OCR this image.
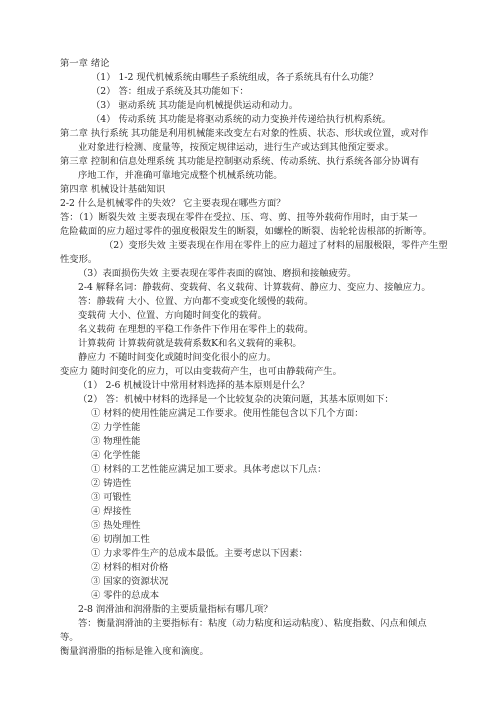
第一章 绪论
（1） 1-2 现代机械系统由哪些子系统组成，各子系统具有什么功能？
（2） 答：组成子系统及其功能如下：
（3） 驱动系统 其功能是向机械提供运动和动力。
（4） 传动系统 其功能是将驱动系统的动力变换并传递给执行机构系统。
第二章 执行系统 其功能是利用机械能来改变左右对象的性质、状态、形状或位置，或对作
业对象进行检测、度量等，按预定规律运动，进行生产或达到其他预定要求。
第三章 控制和信息处理系统 其功能是控制驱动系统、传动系统、执行系统各部分协调有
序地工作，并准确可靠地完成整个机械系统功能。
第四章 机械设计基础知识
2-2 什么是机械零件的失效？ 它主要表现在哪些方面？
答：（1）断裂失效 主要表现在零件在受拉、压、弯、剪、扭等外载荷作用时，由于某一
危险截面的应力超过零件的强度极限发生的断裂，如螺栓的断裂、齿轮轮齿根部的折断等。
（2）变形失效 主要表现在作用在零件上的应力超过了材料的屈服极限，零件产生塑
性变形。
（3）表面损伤失效 主要表现在零件表面的腐蚀、磨损和接触疲劳。
2-4 解释名词：静载荷、变载荷、名义载荷、计算载荷、静应力、变应力、接触应力。
答：静载荷 大小、位置、方向都不变或变化缓慢的载荷。
变载荷 大小、位置、方向随时间变化的载荷。
名义载荷 在理想的平稳工作条件下作用在零件上的载荷。
计算载荷 计算载荷就是载荷系数K和名义载荷的乘积。
静应力 不随时间变化或随时间变化很小的应力。
变应力 随时间变化的应力，可以由变载荷产生，也可由静载荷产生。
（1） 2-6 机械设计中常用材料选择的基本原则是什么？
（2） 答：机械中材料的选择是一个比较复杂的决策问题，其基本原则如下：
① 材料的使用性能应满足工作要求。使用性能包含以下几个方面：
② 力学性能
③ 物理性能
④ 化学性能
① 材料的工艺性能应满足加工要求。具体考虑以下几点：
② 铸造性
③ 可锻性
④ 焊接性
⑤ 热处理性
⑥ 切削加工性
① 力求零件生产的总成本最低。主要考虑以下因素：
② 材料的相对价格
③ 国家的资源状况
④ 零件的总成本
2-8 润滑油和润滑脂的主要质量指标有哪几项？
答：衡量润滑油的主要指标有：粘度（动力粘度和运动粘度）、粘度指数、闪点和倾点
等。
衡量润滑脂的指标是锥入度和滴度。
